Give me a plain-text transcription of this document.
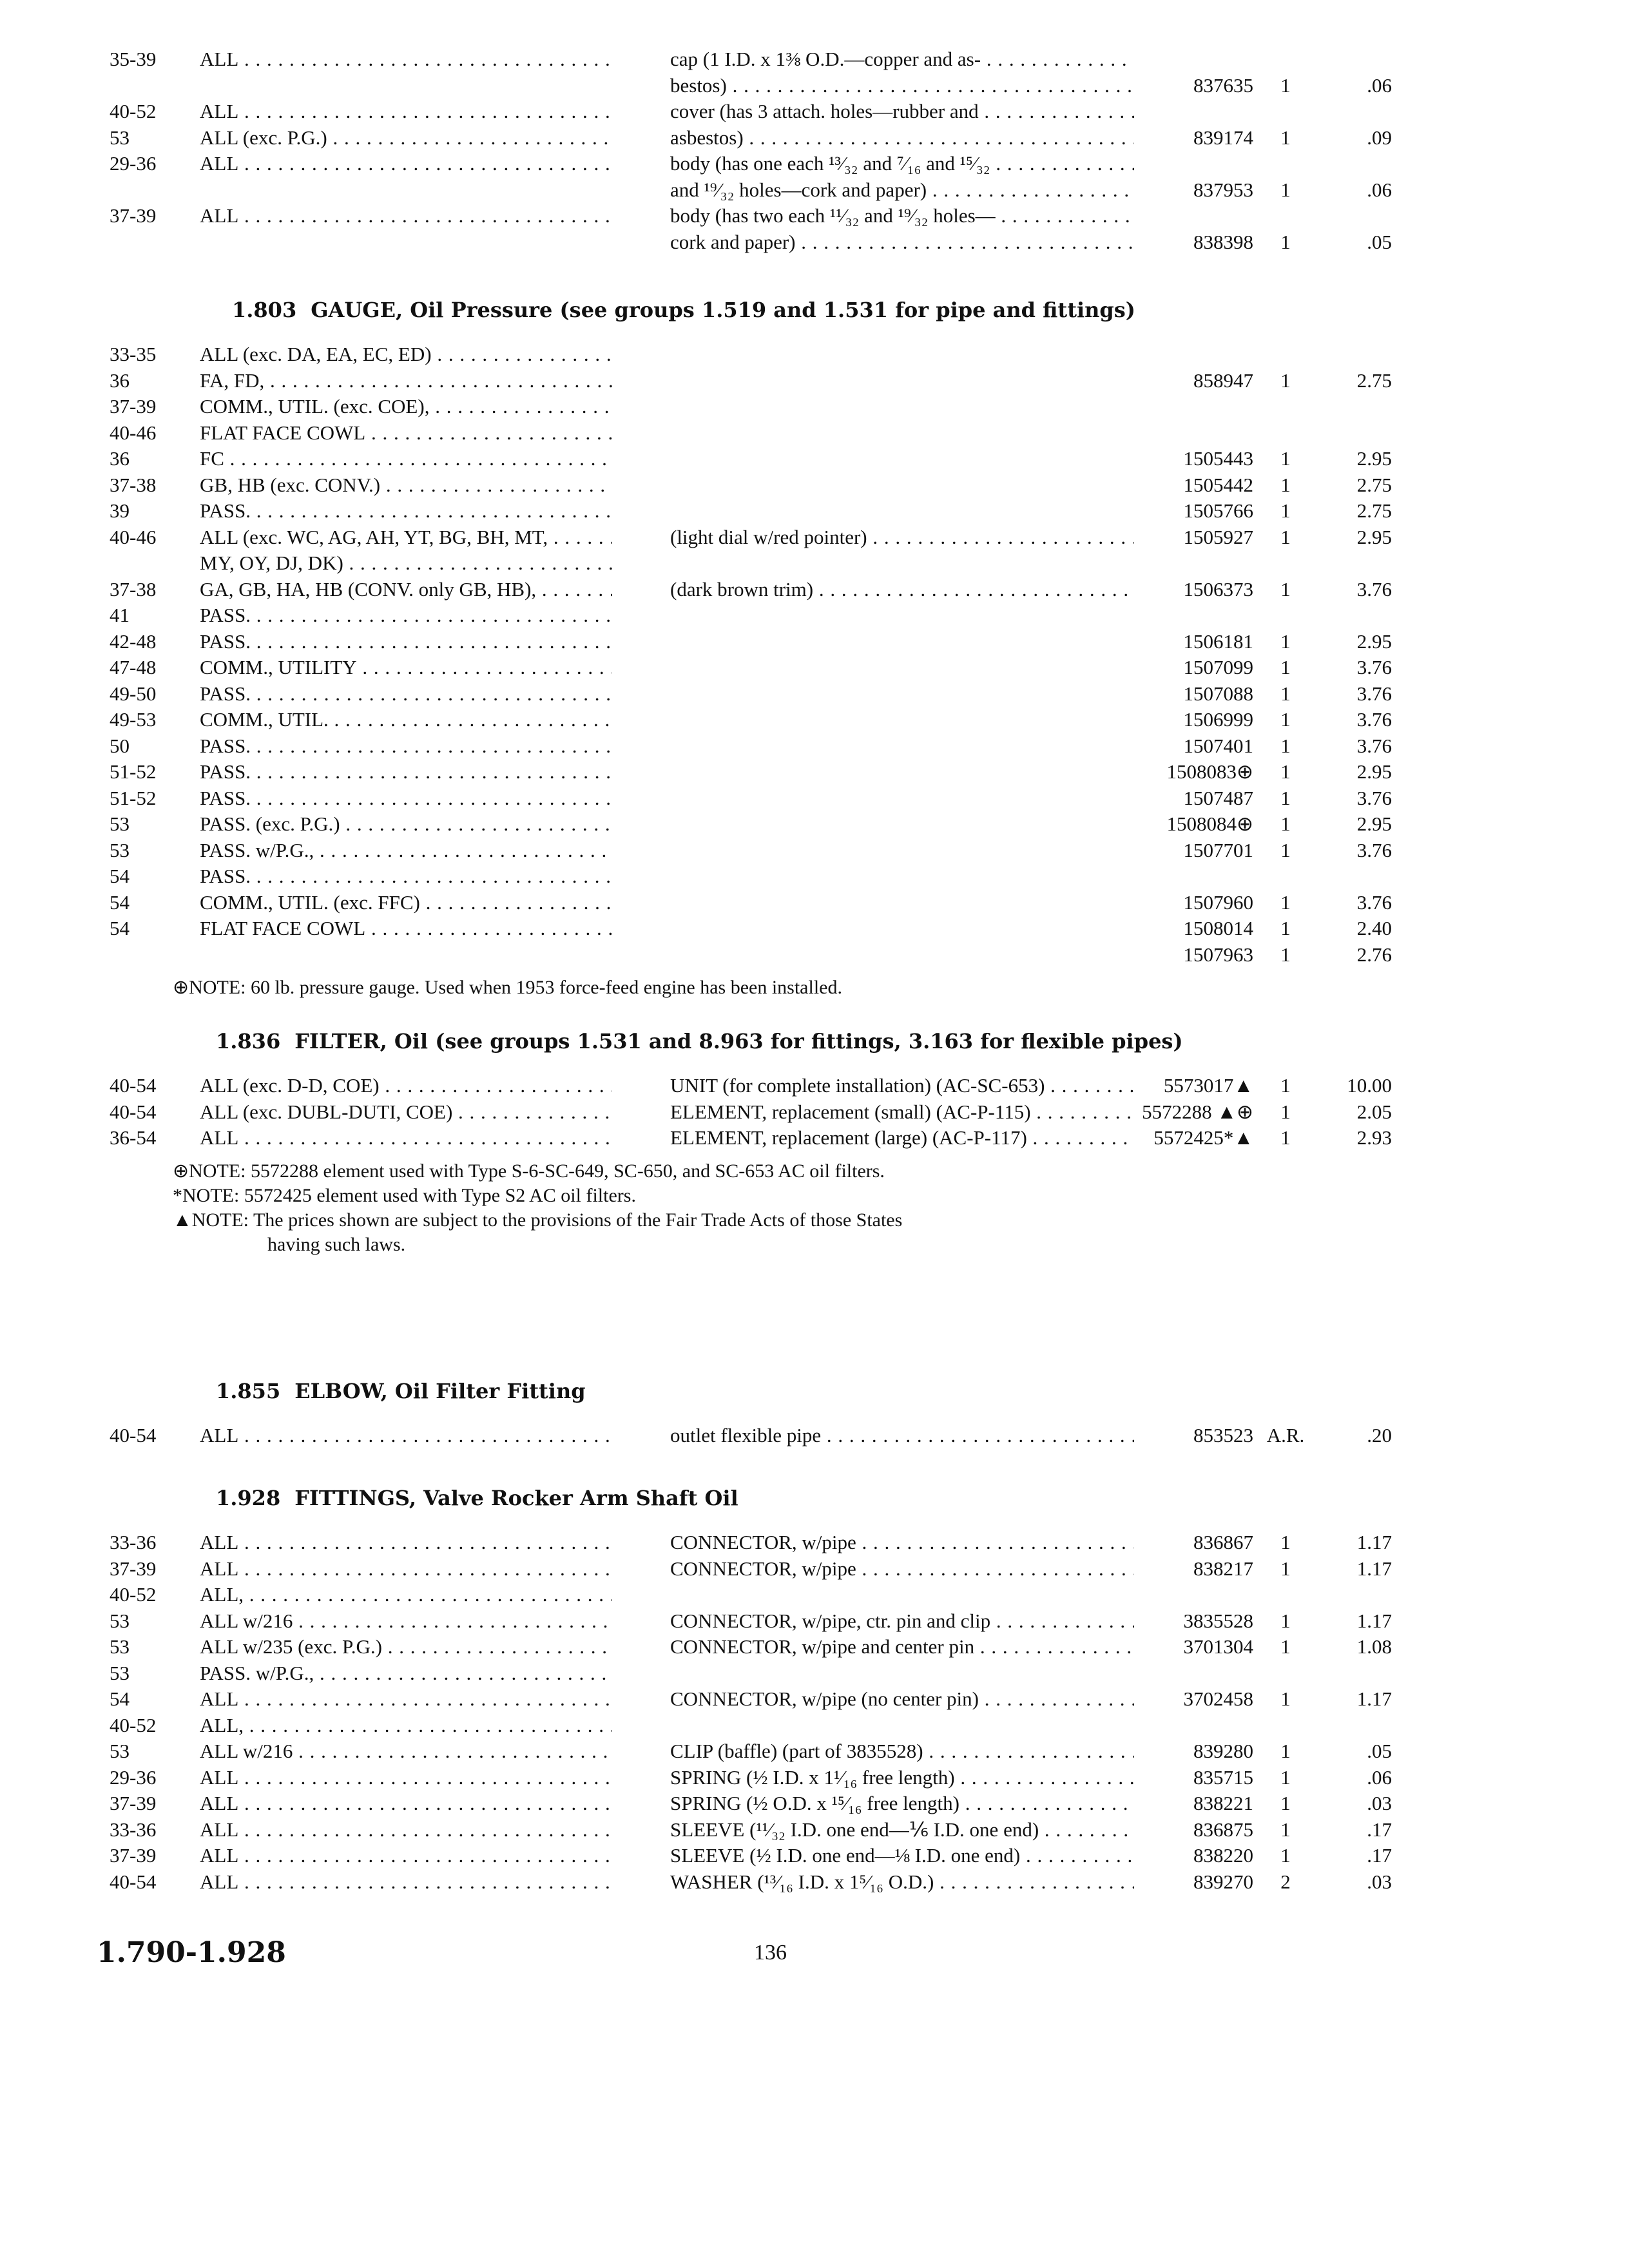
35-39	ALL . . .	cap (1 I.D. x 1⅜ O.D.—copper and as- . . .
bestos) . . .	837635	1	.06
40-52	ALL . . .	cover (has 3 attach. holes—rubber and . . .
53	ALL (exc. P.G.) . . .	asbestos) . . .	839174	1	.09
29-36	ALL . . .	body (has one each ¹³⁄₃₂ and ⁷⁄₁₆ and ¹⁵⁄₃₂ . . .
and ¹⁹⁄₃₂ holes—cork and paper) . . .	837953	1	.06
37-39	ALL . . .	body (has two each ¹¹⁄₃₂ and ¹⁹⁄₃₂ holes— . . .
cork and paper) . . .	838398	1	.05
1.803 GAUGE, Oil Pressure (see groups 1.519 and 1.531 for pipe and fittings)
33-35	ALL (exc. DA, EA, EC, ED) . . .
36	FA, FD, . . .	858947	1	2.75
37-39	COMM., UTIL. (exc. COE), . . .
40-46	FLAT FACE COWL . . .
36	FC . . .	1505443	1	2.95
37-38	GB, HB (exc. CONV.) . . .	1505442	1	2.75
39	PASS. . . .	1505766	1	2.75
40-46	ALL (exc. WC, AG, AH, YT, BG, BH, MT, . . .	(light dial w/red pointer) . . .	1505927	1	2.95
MY, OY, DJ, DK) . . .
37-38	GA, GB, HA, HB (CONV. only GB, HB), . . .	(dark brown trim) . . .	1506373	1	3.76
41	PASS. . . .
42-48	PASS. . . .	1506181	1	2.95
47-48	COMM., UTILITY . . .	1507099	1	3.76
49-50	PASS. . . .	1507088	1	3.76
49-53	COMM., UTIL. . . .	1506999	1	3.76
50	PASS. . . .	1507401	1	3.76
51-52	PASS. . . .	1508083⊕	1	2.95
51-52	PASS. . . .	1507487	1	3.76
53	PASS. (exc. P.G.) . . .	1508084⊕	1	2.95
53	PASS. w/P.G., . . .	1507701	1	3.76
54	PASS. . . .
54	COMM., UTIL. (exc. FFC) . . .	1507960	1	3.76
54	FLAT FACE COWL . . .	1508014	1	2.40
1507963	1	2.76
⊕NOTE: 60 lb. pressure gauge. Used when 1953 force-feed engine has been installed.
1.836 FILTER, Oil (see groups 1.531 and 8.963 for fittings, 3.163 for flexible pipes)
40-54	ALL (exc. D-D, COE) . . .	UNIT (for complete installation) (AC-SC-653) . . .	5573017▲	1	10.00
40-54	ALL (exc. DUBL-DUTI, COE) . . .	ELEMENT, replacement (small) (AC-P-115) . . .	5572288 ▲⊕	1	2.05
36-54	ALL . . .	ELEMENT, replacement (large) (AC-P-117) . . .	5572425*▲	1	2.93
⊕NOTE: 5572288 element used with Type S-6-SC-649, SC-650, and SC-653 AC oil filters.
*NOTE: 5572425 element used with Type S2 AC oil filters.
▲NOTE: The prices shown are subject to the provisions of the Fair Trade Acts of those States
having such laws.
1.855 ELBOW, Oil Filter Fitting
40-54	ALL . . .	outlet flexible pipe . . .	853523 A.R.	.20
1.928 FITTINGS, Valve Rocker Arm Shaft Oil
33-36	ALL . . .	CONNECTOR, w/pipe . . .	836867	1	1.17
37-39	ALL . . .	CONNECTOR, w/pipe . . .	838217	1	1.17
40-52	ALL, . . .
53	ALL w/216 . . .	CONNECTOR, w/pipe, ctr. pin and clip . . .	3835528	1	1.17
53	ALL w/235 (exc. P.G.) . . .	CONNECTOR, w/pipe and center pin . . .	3701304	1	1.08
53	PASS. w/P.G., . . .
54	ALL . . .	CONNECTOR, w/pipe (no center pin) . . .	3702458	1	1.17
40-52	ALL, . . .
53	ALL w/216 . . .	CLIP (baffle) (part of 3835528) . . .	839280	1	.05
29-36	ALL . . .	SPRING (½ I.D. x 1¹⁄₁₆ free length) . . .	835715	1	.06
37-39	ALL . . .	SPRING (½ O.D. x ¹⁵⁄₁₆ free length) . . .	838221	1	.03
33-36	ALL . . .	SLEEVE (¹¹⁄₃₂ I.D. one end—⅙ I.D. one end) . . .	836875	1	.17
37-39	ALL . . .	SLEEVE (½ I.D. one end—⅛ I.D. one end) . . .	838220	1	.17
40-54	ALL . . .	WASHER (¹³⁄₁₆ I.D. x 1⁵⁄₁₆ O.D.) . . .	839270	2	.03
1.790-1.928	136
